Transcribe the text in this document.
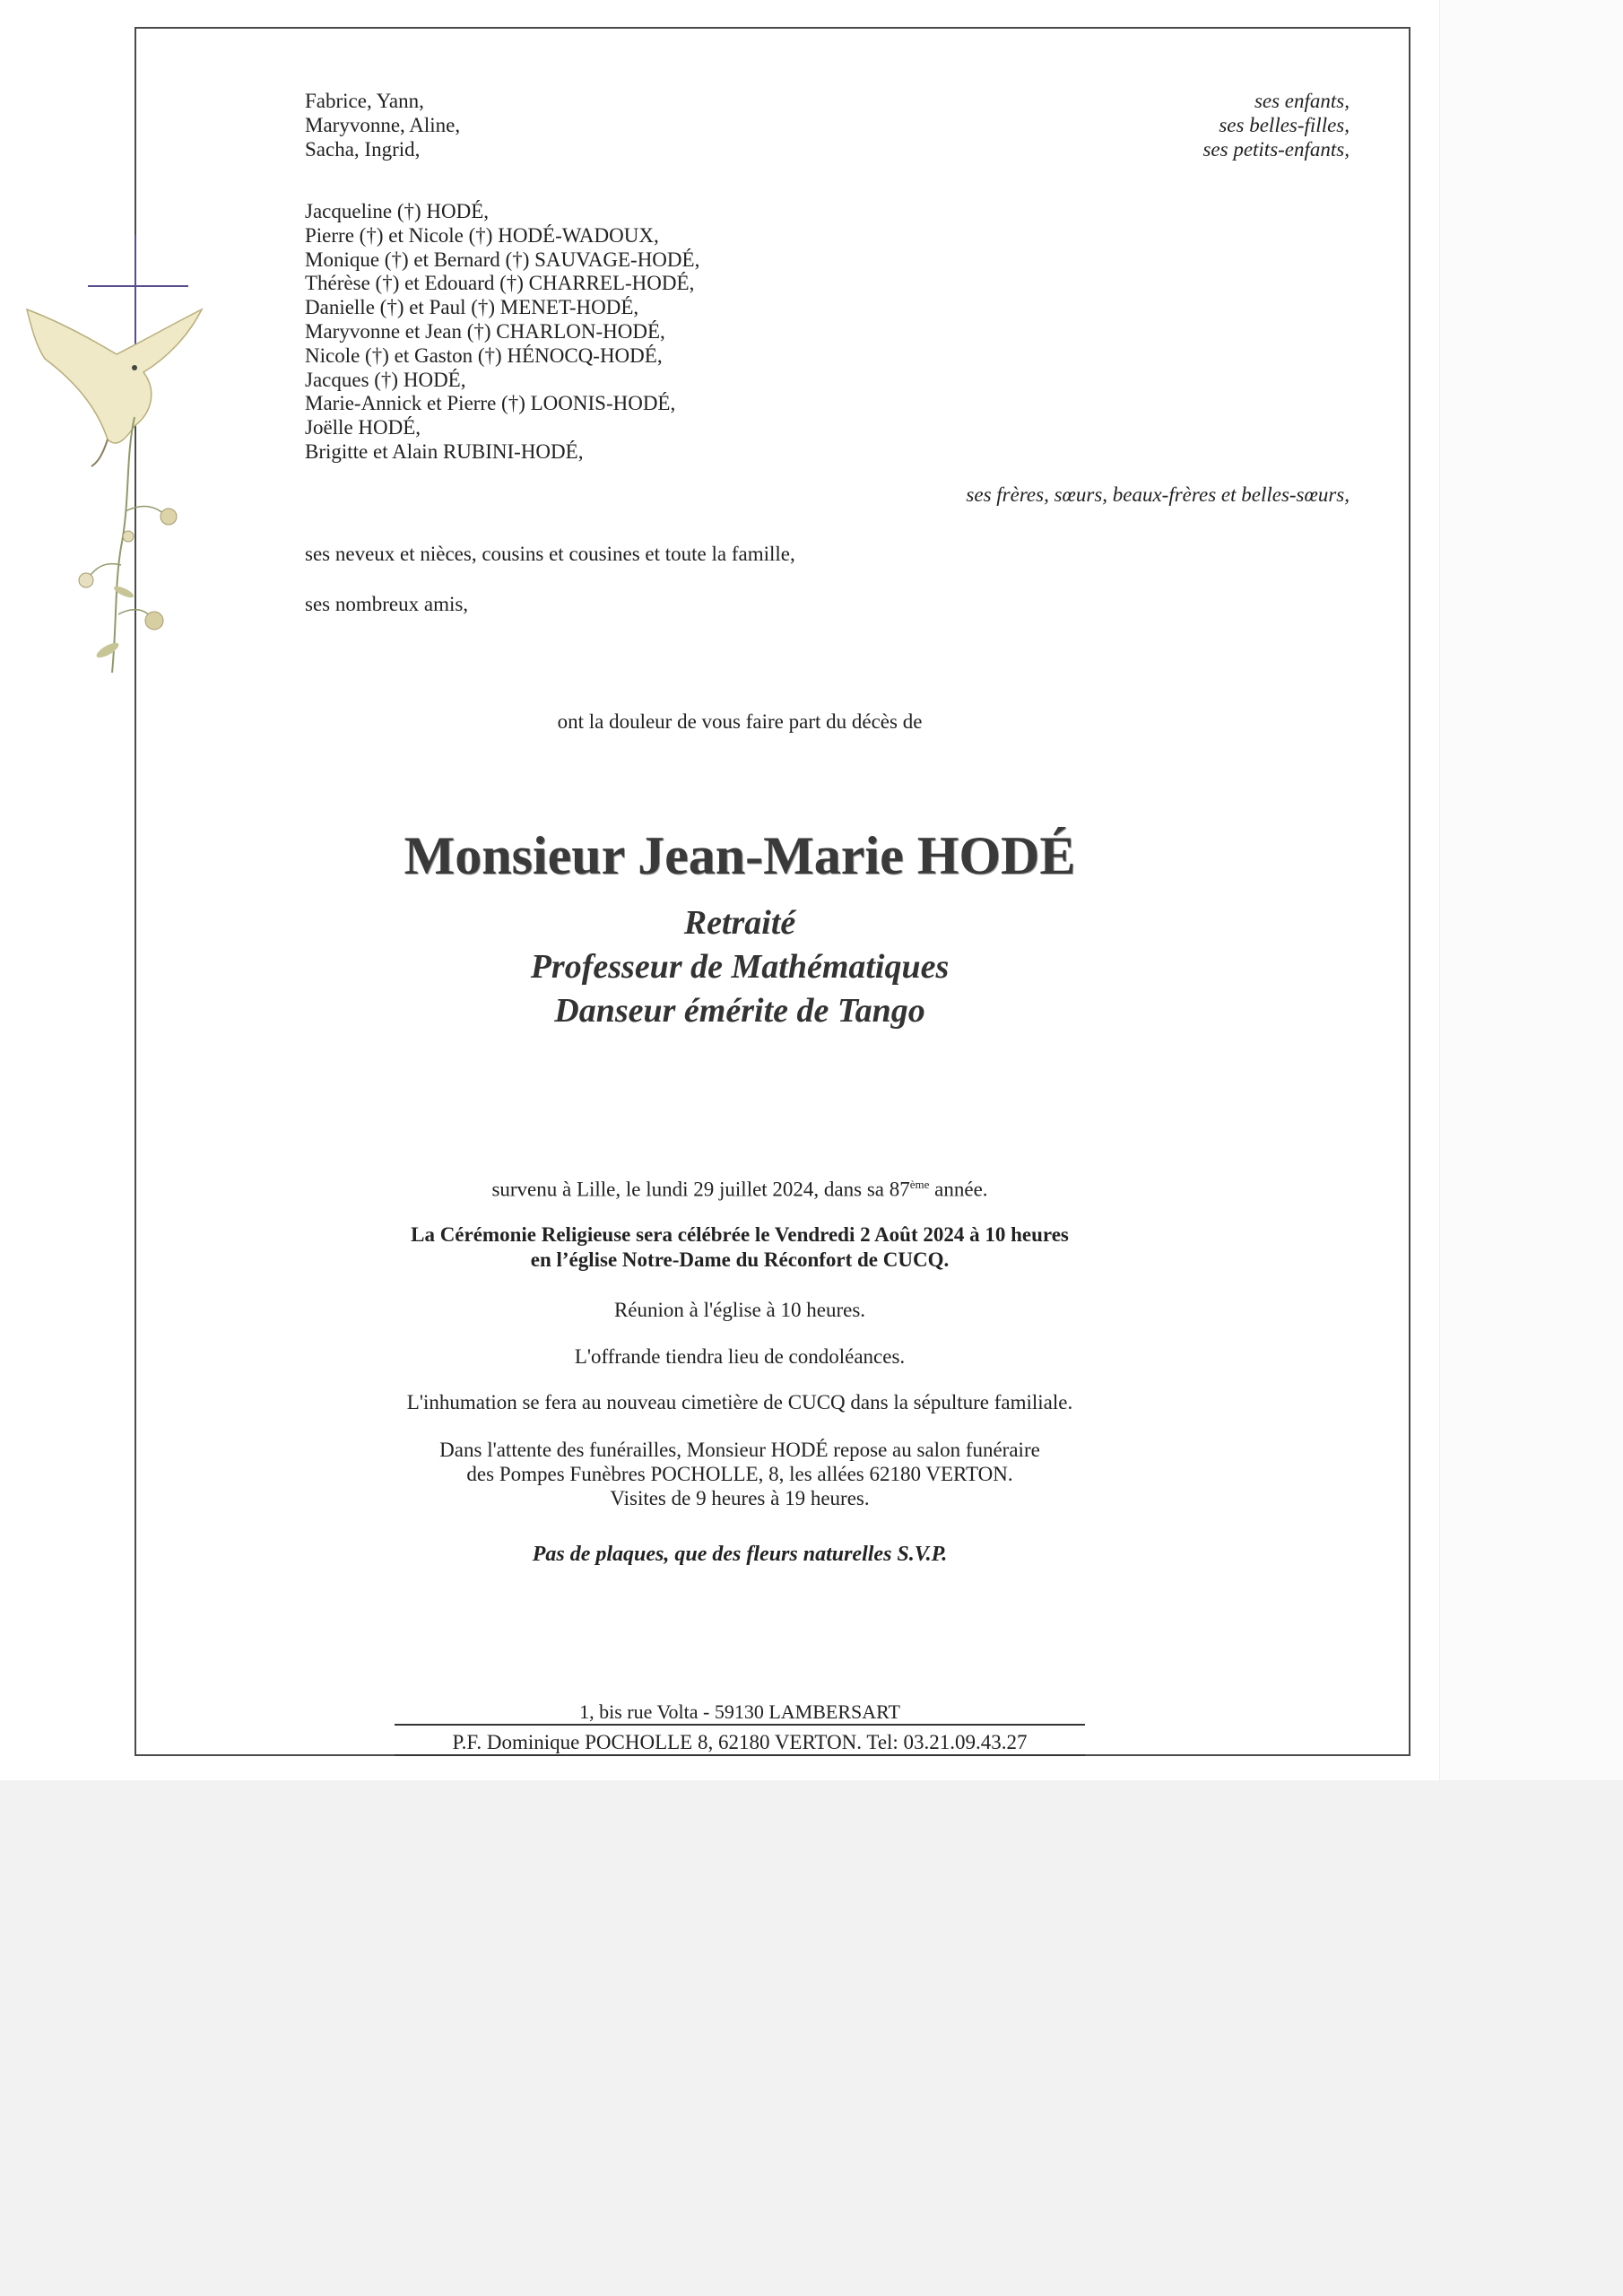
Fabrice, Yann,	ses enfants,
Maryvonne, Aline,	ses belles-filles,
Sacha, Ingrid,	ses petits-enfants,
Jacqueline (†) HODÉ,
Pierre (†) et Nicole (†) HODÉ-WADOUX,
Monique (†) et Bernard (†) SAUVAGE-HODÉ,
Thérèse (†) et Edouard (†) CHARREL-HODÉ,
Danielle (†) et Paul (†) MENET-HODÉ,
Maryvonne et Jean (†) CHARLON-HODÉ,
Nicole (†) et Gaston (†) HÉNOCQ-HODÉ,
Jacques (†) HODÉ,
Marie-Annick et Pierre (†) LOONIS-HODÉ,
Joëlle HODÉ,
Brigitte et Alain RUBINI-HODÉ,
ses frères, sœurs, beaux-frères et belles-sœurs,
ses neveux et nièces, cousins et cousines et toute la famille,
ses nombreux amis,
ont la douleur de vous faire part du décès de
Monsieur Jean-Marie HODÉ
Retraité
Professeur de Mathématiques
Danseur émérite de Tango
survenu à Lille, le lundi 29 juillet 2024, dans sa 87ème année.
La Cérémonie Religieuse sera célébrée le Vendredi 2 Août 2024 à 10 heures
en l’église Notre-Dame du Réconfort de CUCQ.
Réunion à l'église à 10 heures.
L'offrande tiendra lieu de condoléances.
L'inhumation se fera au nouveau cimetière de CUCQ dans la sépulture familiale.
Dans l'attente des funérailles, Monsieur HODÉ repose au salon funéraire
des Pompes Funèbres POCHOLLE, 8, les allées 62180 VERTON.
Visites de 9 heures à 19 heures.
Pas de plaques, que des fleurs naturelles S.V.P.
1, bis rue Volta - 59130 LAMBERSART
P.F. Dominique POCHOLLE 8, 62180 VERTON. Tel: 03.21.09.43.27
